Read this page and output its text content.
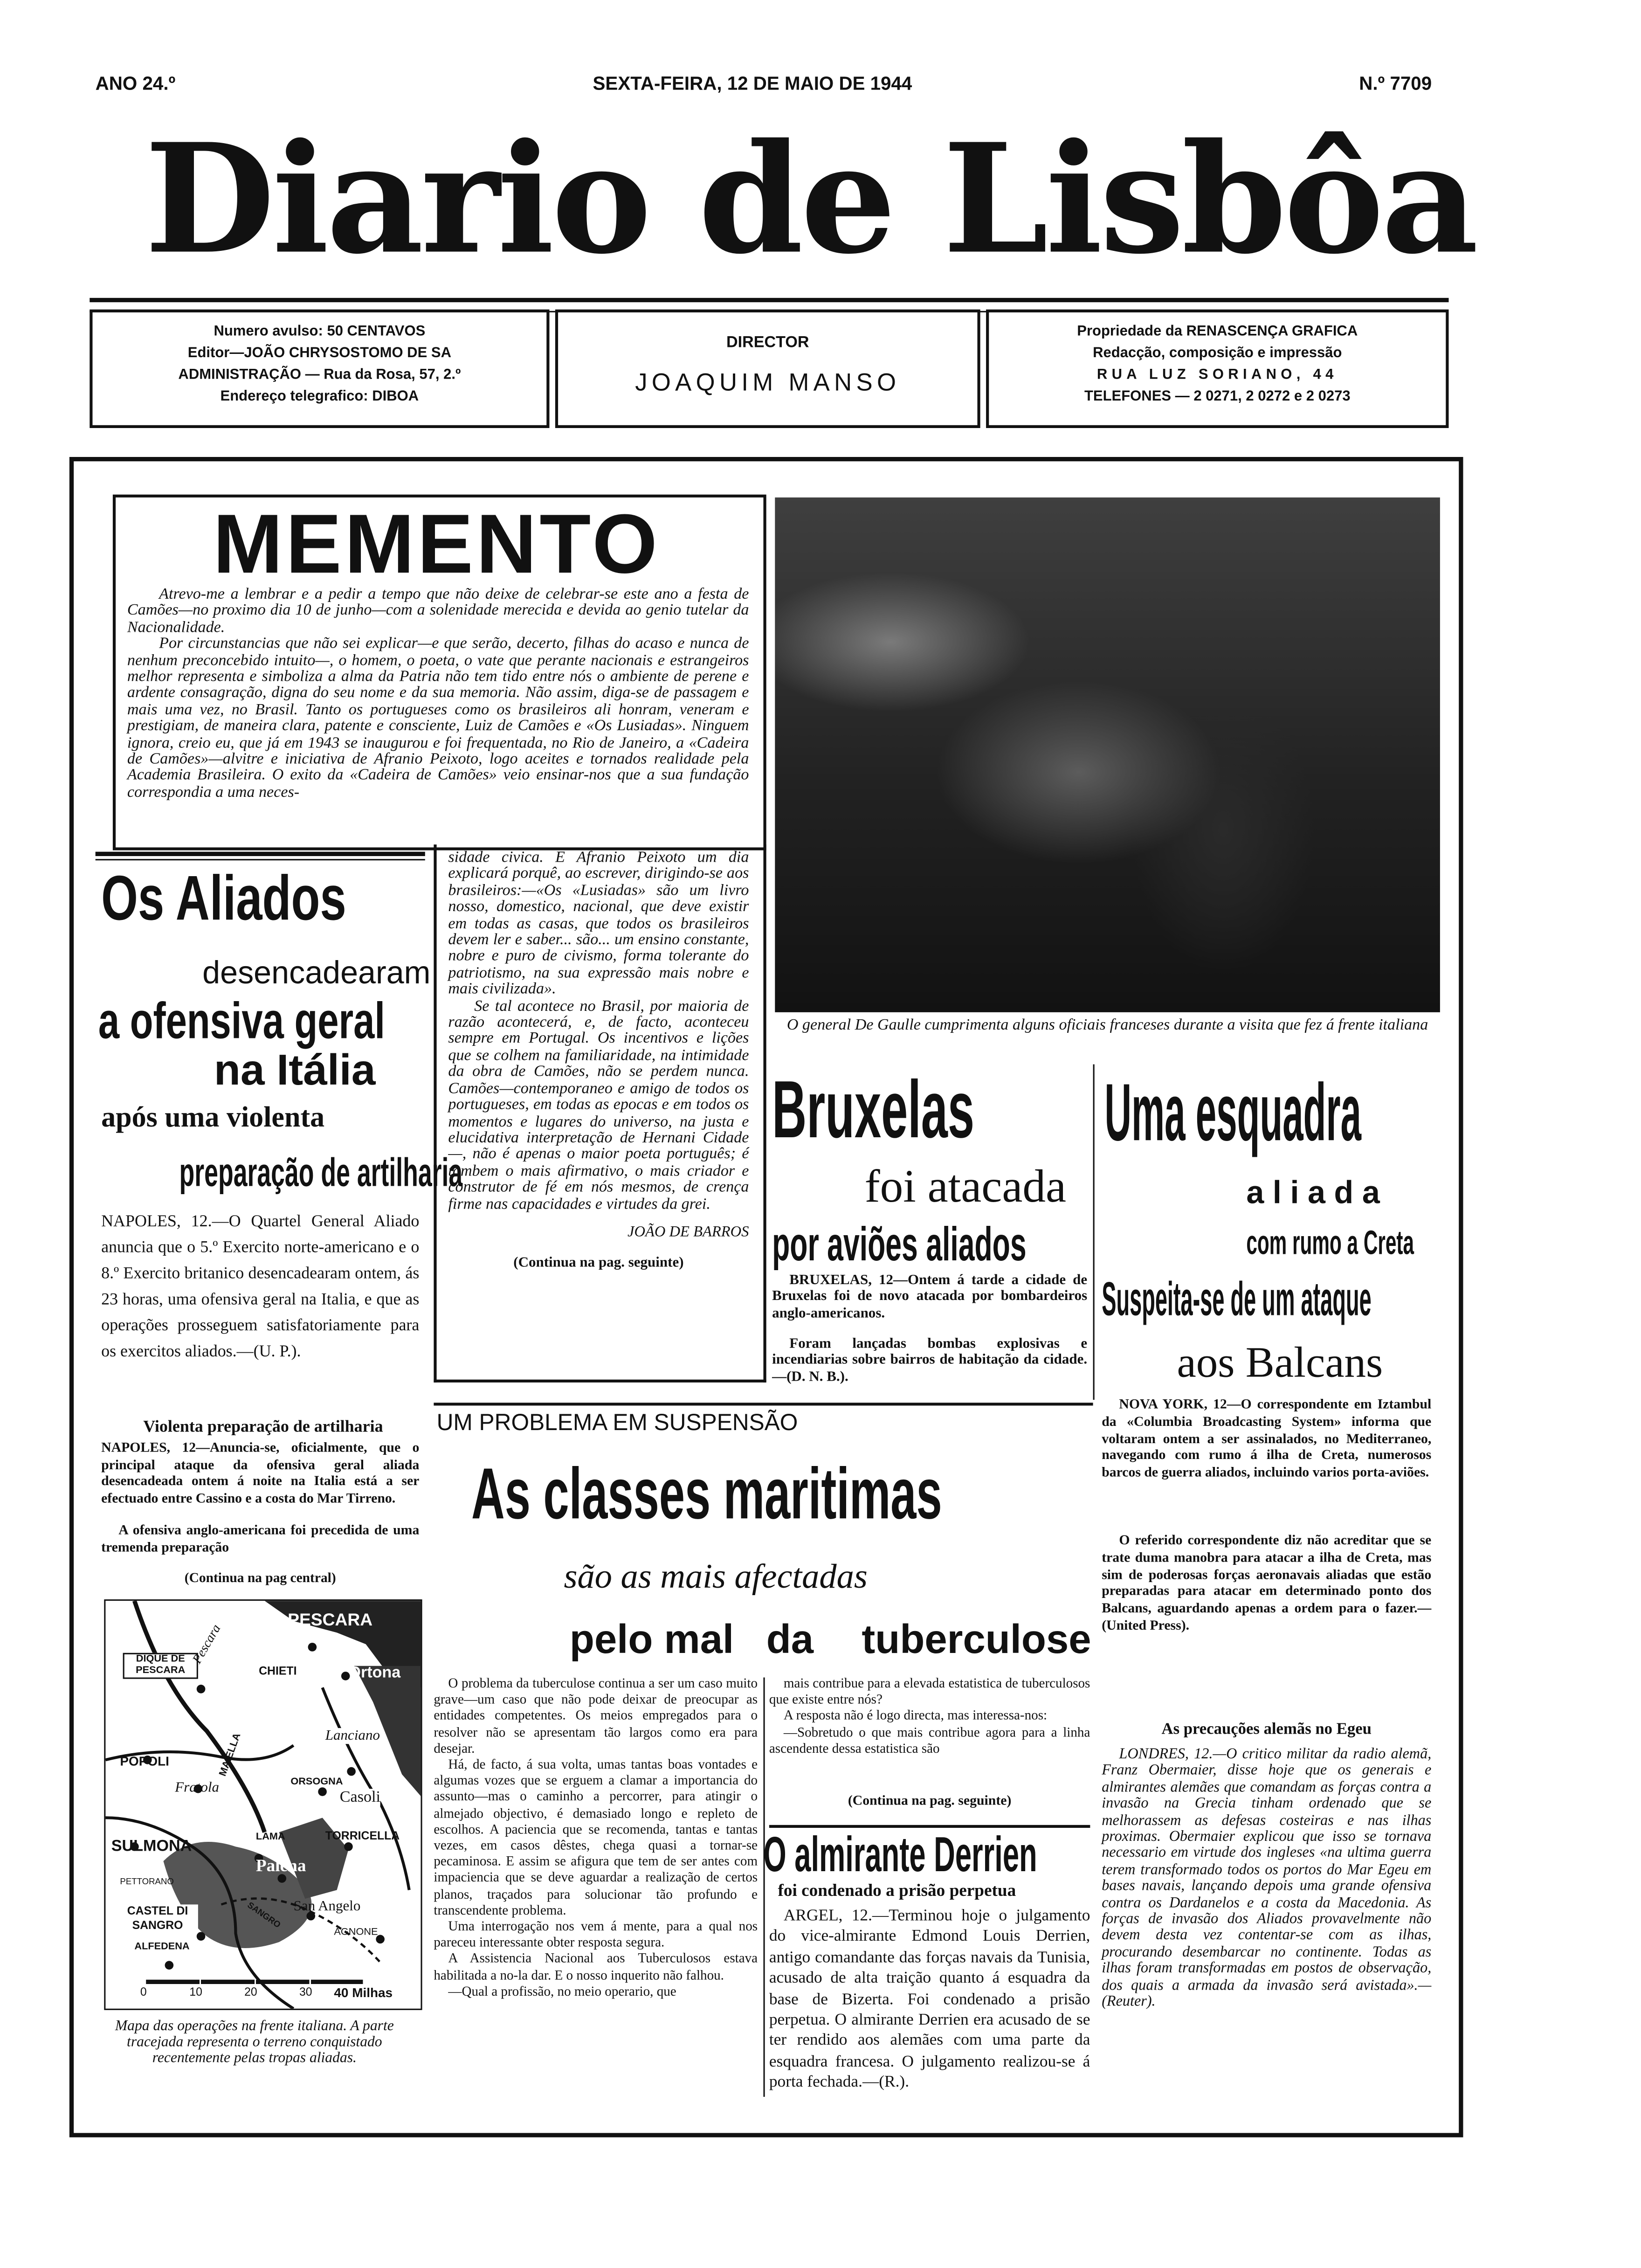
ANO 24.º	SEXTA-FEIRA, 12 DE MAIO DE 1944	N.º 7709
Diario de Lisbôa
Numero avulso: 50 CENTAVOS
Editor—JOÃO CHRYSOSTOMO DE SA
ADMINISTRAÇÃO — Rua da Rosa, 57, 2.º
Endereço telegrafico: DIBOA
DIRECTOR
JOAQUIM MANSO
Propriedade da RENASCENÇA GRAFICA
Redacção, composição e impressão
RUA LUZ SORIANO, 44
TELEFONES — 2 0271, 2 0272 e 2 0273
MEMENTO
Atrevo-me a lembrar e a pedir a tempo que não deixe de celebrar-se este ano a festa de Camões—no proximo dia 10 de junho—com a solenidade merecida e devida ao genio tutelar da Nacionalidade.
Por circunstancias que não sei explicar—e que serão, decerto, filhas do acaso e nunca de nenhum preconcebido intuito—, o homem, o poeta, o vate que perante nacionais e estrangeiros melhor representa e simboliza a alma da Patria não tem tido entre nós o ambiente de perene e ardente consagração, digna do seu nome e da sua memoria. Não assim, diga-se de passagem e mais uma vez, no Brasil. Tanto os portugueses como os brasileiros ali honram, veneram e prestigiam, de maneira clara, patente e consciente, Luiz de Camões e «Os Lusiadas». Ninguem ignora, creio eu, que já em 1943 se inaugurou e foi frequentada, no Rio de Janeiro, a «Cadeira de Camões»—alvitre e iniciativa de Afranio Peixoto, logo aceites e tornados realidade pela Academia Brasileira. O exito da «Cadeira de Camões» veio ensinar-nos que a sua fundação correspondia a uma neces-
sidade civica. E Afranio Peixoto um dia explicará porquê, ao escrever, dirigindo-se aos brasileiros:—«Os «Lusiadas» são um livro nosso, domestico, nacional, que deve existir em todas as casas, que todos os brasileiros devem ler e saber... são... um ensino constante, nobre e puro de civismo, forma tolerante do patriotismo, na sua expressão mais nobre e mais civilizada».
Se tal acontece no Brasil, por maioria de razão acontecerá, e, de facto, aconteceu sempre em Portugal. Os incentivos e lições que se colhem na familiaridade, na intimidade da obra de Camões, não se perdem nunca. Camões—contemporaneo e amigo de todos os portugueses, em todas as epocas e em todos os momentos e lugares do universo, na justa e elucidativa interpretação de Hernani Cidade—, não é apenas o maior poeta português; é tambem o mais afirmativo, o mais criador e construtor de fé em nós mesmos, de crença firme nas capacidades e virtudes da grei.
JOÃO DE BARROS
(Continua na pag. seguinte)
Os Aliados
desencadearam
a ofensiva geral
na Itália
após uma violenta
preparação de artilharia
NAPOLES, 12.—O Quartel General Aliado anuncia que o 5.º Exercito norte-americano e o 8.º Exercito britanico desencadearam ontem, ás 23 horas, uma ofensiva geral na Italia, e que as operações prosseguem satisfatoriamente para os exercitos aliados.—(U. P.).
Violenta preparação de artilharia
NAPOLES, 12—Anuncia-se, oficialmente, que o principal ataque da ofensiva geral aliada desencadeada ontem á noite na Italia está a ser efectuado entre Cassino e a costa do Mar Tirreno.
A ofensiva anglo-americana foi precedida de uma tremenda preparação
(Continua na pag central)
PESCARA
Ortona
DIQUE DE PESCARA	CHIETI
Pescara
Lanciano
POPOLI
Fratola	ORSOGNA
Casoli
SULMONA
LAMA	TORRICELLA
Palena
PETTORANO
CASTEL DI SANGRO
San Angelo
AGNONE
ALFEDENA
MAIELLA
SANGRO
0	10	20	30	40 Milhas
Mapa das operações na frente italiana. A parte tracejada representa o terreno conquistado recentemente pelas tropas aliadas.
O general De Gaulle cumprimenta alguns oficiais franceses durante a visita que fez á frente italiana
Bruxelas
foi atacada
por aviões aliados
BRUXELAS, 12—Ontem á tarde a cidade de Bruxelas foi de novo atacada por bombardeiros anglo-americanos.
Foram lançadas bombas explosivas e incendiarias sobre bairros de habitação da cidade.—(D. N. B.).
Uma esquadra
aliada
com rumo a Creta
Suspeita-se de um ataque
aos Balcans
NOVA YORK, 12—O correspondente em Iztambul da «Columbia Broadcasting System» informa que voltaram ontem a ser assinalados, no Mediterraneo, navegando com rumo á ilha de Creta, numerosos barcos de guerra aliados, incluindo varios porta-aviões.
O referido correspondente diz não acreditar que se trate duma manobra para atacar a ilha de Creta, mas sim de poderosas forças aeronavais aliadas que estão preparadas para atacar em determinado ponto dos Balcans, aguardando apenas a ordem para o fazer.—(United Press).
As precauções alemãs no Egeu
LONDRES, 12.—O critico militar da radio alemã, Franz Obermaier, disse hoje que os generais e almirantes alemães que comandam as forças contra a invasão na Grecia tinham ordenado que se melhorassem as defesas costeiras e nas ilhas proximas. Obermaier explicou que isso se tornava necessario em virtude dos ingleses «na ultima guerra terem transformado todos os portos do Mar Egeu em bases navais, lançando depois uma grande ofensiva contra os Dardanelos e a costa da Macedonia. As forças de invasão dos Aliados provavelmente não devem desta vez contentar-se com as ilhas, procurando desembarcar no continente. Todas as ilhas foram transformadas em postos de observação, dos quais a armada da invasão será avistada».—(Reuter).
UM PROBLEMA EM SUSPENSÃO
As classes maritimas
são as mais afectadas
pelo mal da	tuberculose
O problema da tuberculose continua a ser um caso muito grave—um caso que não pode deixar de preocupar as entidades competentes. Os meios empregados para o resolver não se apresentam tão largos como era para desejar.
Há, de facto, á sua volta, umas tantas boas vontades e algumas vozes que se erguem a clamar a importancia do assunto—mas o caminho a percorrer, para atingir o almejado objectivo, é demasiado longo e repleto de escolhos. A paciencia que se recomenda, tantas e tantas vezes, em casos dêstes, chega quasi a tornar-se pecaminosa. E assim se afigura que tem de ser antes com impaciencia que se deve aguardar a realização de certos planos, traçados para solucionar tão profundo e transcendente problema.
Uma interrogação nos vem á mente, para a qual nos pareceu interessante obter resposta segura.
A Assistencia Nacional aos Tuberculosos estava habilitada a no-la dar. E o nosso inquerito não falhou.
—Qual a profissão, no meio operario, que
mais contribue para a elevada estatistica de tuberculosos que existe entre nós?
A resposta não é logo directa, mas interessa-nos:
—Sobretudo o que mais contribue agora para a linha ascendente dessa estatistica são
(Continua na pag. seguinte)
O almirante Derrien
foi condenado a prisão perpetua
ARGEL, 12.—Terminou hoje o julgamento do vice-almirante Edmond Louis Derrien, antigo comandante das forças navais da Tunisia, acusado de alta traição quanto á esquadra da base de Bizerta. Foi condenado a prisão perpetua. O almirante Derrien era acusado de se ter rendido aos alemães com uma parte da esquadra francesa. O julgamento realizou-se á porta fechada.—(R.).
